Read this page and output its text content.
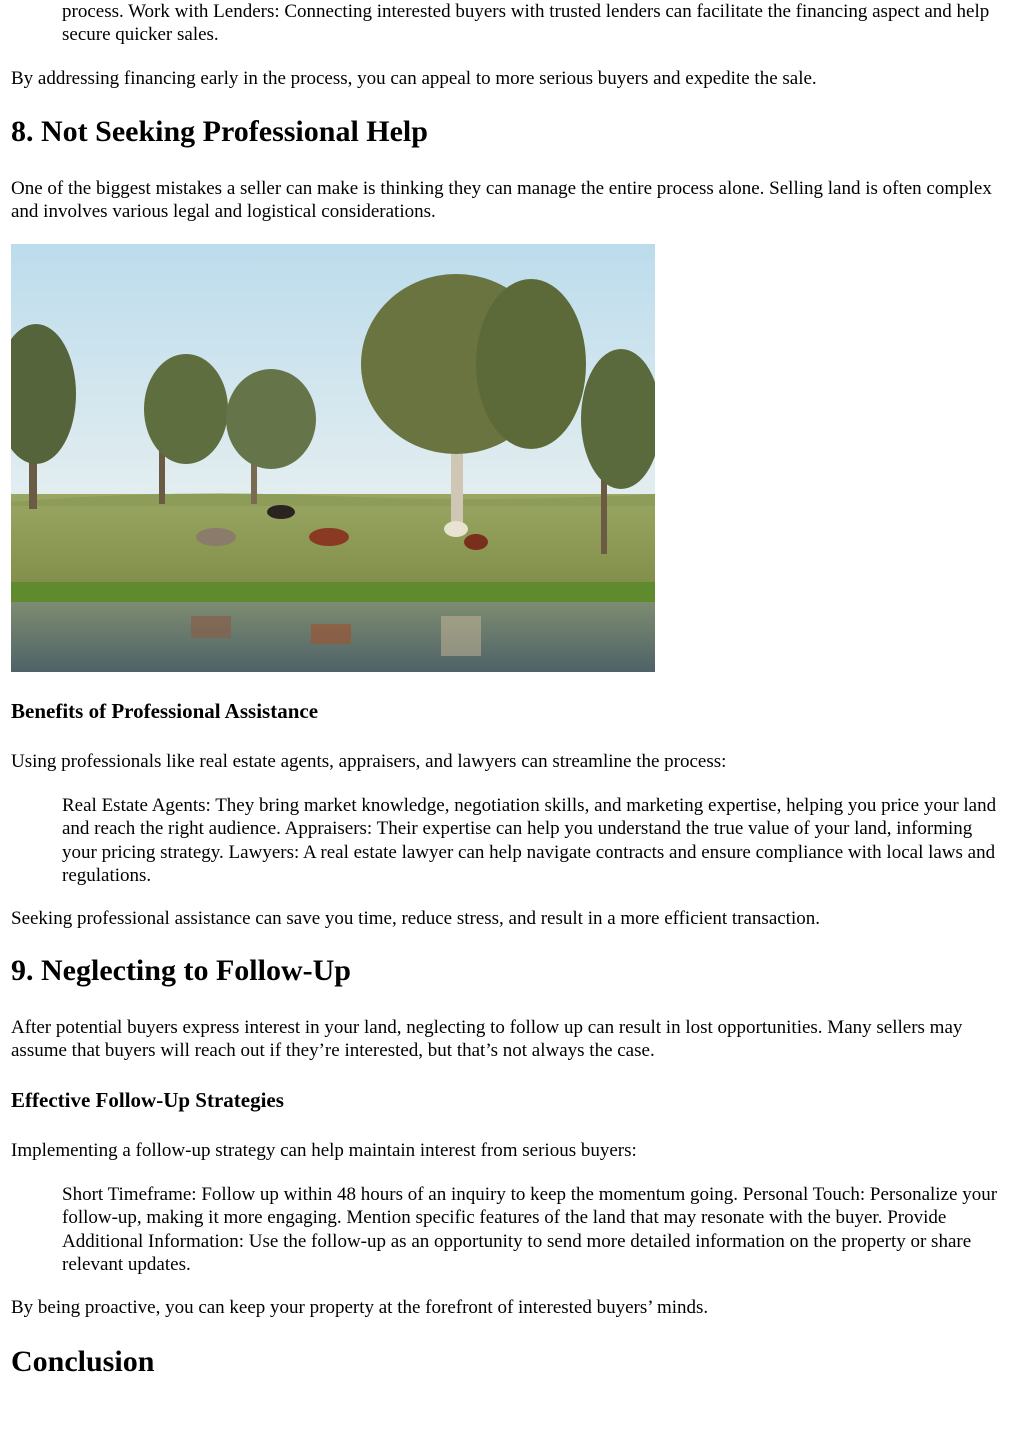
process. Work with Lenders: Connecting interested buyers with trusted lenders can facilitate the financing aspect and help secure quicker sales.

By addressing financing early in the process, you can appeal to more serious buyers and expedite the sale.

8. Not Seeking Professional Help

One of the biggest mistakes a seller can make is thinking they can manage the entire process alone. Selling land is often complex and involves various legal and logistical considerations.

Benefits of Professional Assistance

Using professionals like real estate agents, appraisers, and lawyers can streamline the process:

Real Estate Agents: They bring market knowledge, negotiation skills, and marketing expertise, helping you price your land and reach the right audience. Appraisers: Their expertise can help you understand the true value of your land, informing your pricing strategy. Lawyers: A real estate lawyer can help navigate contracts and ensure compliance with local laws and regulations.

Seeking professional assistance can save you time, reduce stress, and result in a more efficient transaction.

9. Neglecting to Follow-Up

After potential buyers express interest in your land, neglecting to follow up can result in lost opportunities. Many sellers may assume that buyers will reach out if they’re interested, but that’s not always the case.

Effective Follow-Up Strategies

Implementing a follow-up strategy can help maintain interest from serious buyers:

Short Timeframe: Follow up within 48 hours of an inquiry to keep the momentum going. Personal Touch: Personalize your follow-up, making it more engaging. Mention specific features of the land that may resonate with the buyer. Provide Additional Information: Use the follow-up as an opportunity to send more detailed information on the property or share relevant updates.

By being proactive, you can keep your property at the forefront of interested buyers’ minds.

Conclusion
